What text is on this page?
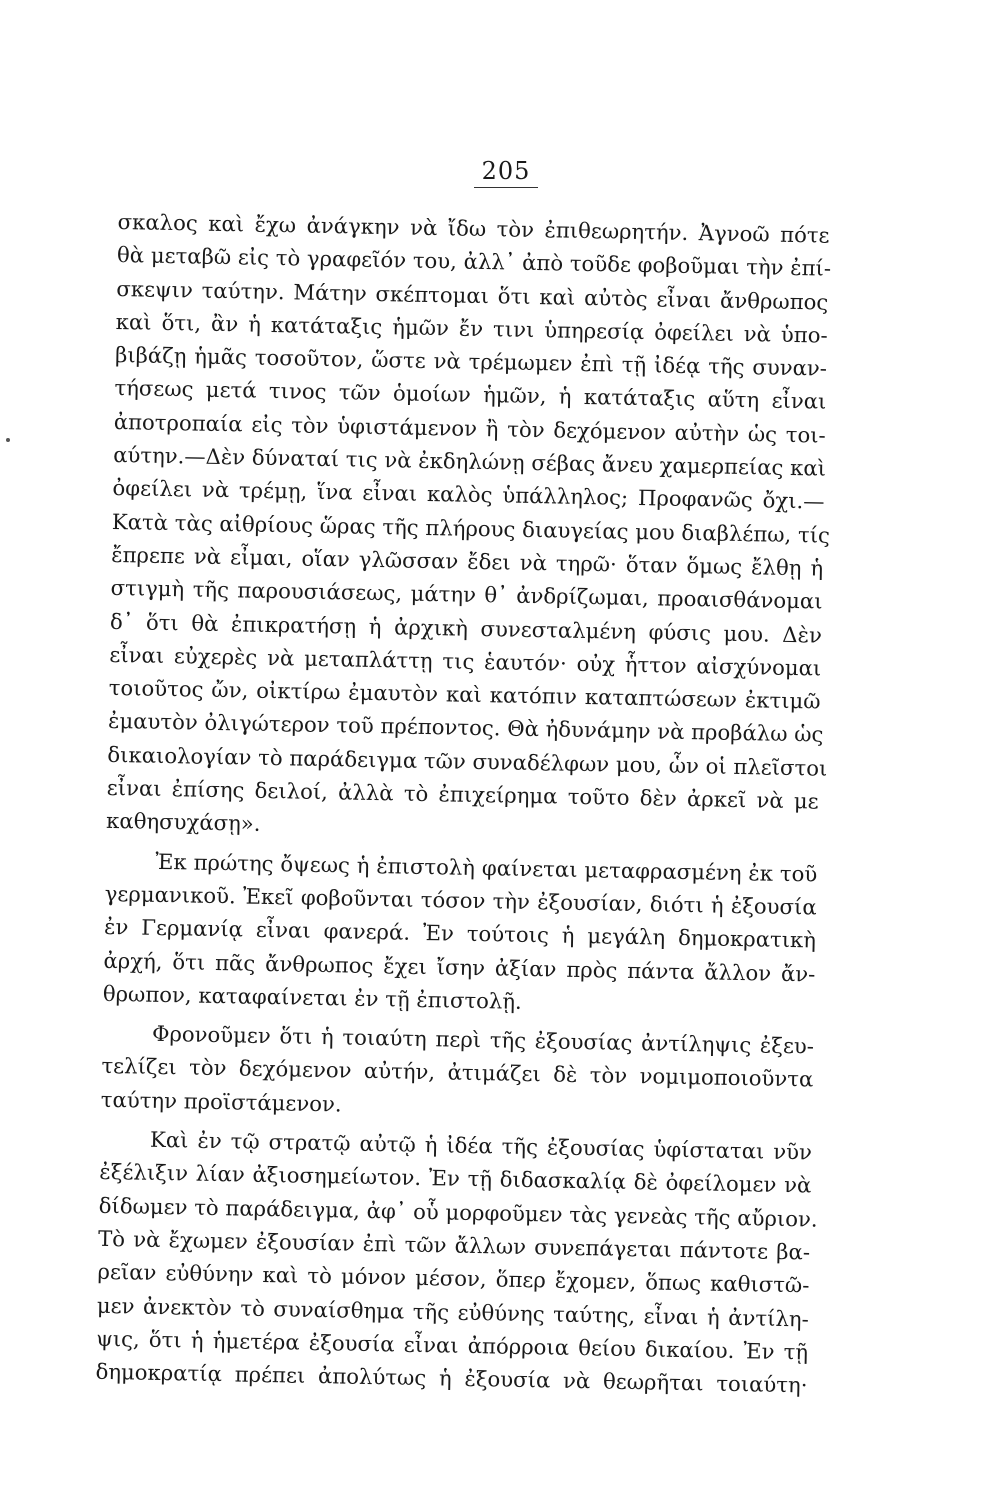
205
σκαλος καὶ ἔχω ἀνάγκην νὰ ἴδω τὸν ἐπιθεωρητήν. Ἀγνοῶ πότε
θὰ μεταβῶ εἰς τὸ γραφεῖόν του, ἀλλ᾽ ἀπὸ τοῦδε φοβοῦμαι τὴν ἐπί-
σκεψιν ταύτην. Μάτην σκέπτομαι ὅτι καὶ αὐτὸς εἶναι ἄνθρωπος
καὶ ὅτι, ἂν ἡ κατάταξις ἡμῶν ἔν τινι ὑπηρεσίᾳ ὀφείλει νὰ ὑπο-
βιβάζῃ ἡμᾶς τοσοῦτον, ὥστε νὰ τρέμωμεν ἐπὶ τῇ ἰδέᾳ τῆς συναν-
τήσεως μετά τινος τῶν ὁμοίων ἡμῶν, ἡ κατάταξις αὕτη εἶναι
ἀποτροπαία εἰς τὸν ὑφιστάμενον ἢ τὸν δεχόμενον αὐτὴν ὡς τοι-
αύτην.—Δὲν δύναταί τις νὰ ἐκδηλώνῃ σέβας ἄνευ χαμερπείας καὶ
ὀφείλει νὰ τρέμῃ, ἵνα εἶναι καλὸς ὑπάλληλος; Προφανῶς ὄχι.—
Κατὰ τὰς αἰθρίους ὥρας τῆς πλήρους διαυγείας μου διαβλέπω, τίς
ἔπρεπε νὰ εἶμαι, οἵαν γλῶσσαν ἔδει νὰ τηρῶ· ὅταν ὅμως ἔλθῃ ἡ
στιγμὴ τῆς παρουσιάσεως, μάτην θ᾽ ἀνδρίζωμαι, προαισθάνομαι
δ᾽ ὅτι θὰ ἐπικρατήσῃ ἡ ἀρχικὴ συνεσταλμένη φύσις μου. Δὲν
εἶναι εὐχερὲς νὰ μεταπλάττῃ τις ἑαυτόν· οὐχ ἧττον αἰσχύνομαι
τοιοῦτος ὤν, οἰκτίρω ἐμαυτὸν καὶ κατόπιν καταπτώσεων ἐκτιμῶ
ἐμαυτὸν ὀλιγώτερον τοῦ πρέποντος. Θὰ ἠδυνάμην νὰ προβάλω ὡς
δικαιολογίαν τὸ παράδειγμα τῶν συναδέλφων μου, ὧν οἱ πλεῖστοι
εἶναι ἐπίσης δειλοί, ἀλλὰ τὸ ἐπιχείρημα τοῦτο δὲν ἀρκεῖ νὰ με
καθησυχάσῃ».
Ἐκ πρώτης ὄψεως ἡ ἐπιστολὴ φαίνεται μεταφρασμένη ἐκ τοῦ
γερμανικοῦ. Ἐκεῖ φοβοῦνται τόσον τὴν ἐξουσίαν, διότι ἡ ἐξουσία
ἐν Γερμανίᾳ εἶναι φανερά. Ἐν τούτοις ἡ μεγάλη δημοκρατικὴ
ἀρχή, ὅτι πᾶς ἄνθρωπος ἔχει ἴσην ἀξίαν πρὸς πάντα ἄλλον ἄν-
θρωπον, καταφαίνεται ἐν τῇ ἐπιστολῇ.
Φρονοῦμεν ὅτι ἡ τοιαύτη περὶ τῆς ἐξουσίας ἀντίληψις ἐξευ-
τελίζει τὸν δεχόμενον αὐτήν, ἀτιμάζει δὲ τὸν νομιμοποιοῦντα
ταύτην προϊστάμενον.
Καὶ ἐν τῷ στρατῷ αὐτῷ ἡ ἰδέα τῆς ἐξουσίας ὑφίσταται νῦν
ἐξέλιξιν λίαν ἀξιοσημείωτον. Ἐν τῇ διδασκαλίᾳ δὲ ὀφείλομεν νὰ
δίδωμεν τὸ παράδειγμα, ἀφ᾽ οὗ μορφοῦμεν τὰς γενεὰς τῆς αὔριον.
Τὸ νὰ ἔχωμεν ἐξουσίαν ἐπὶ τῶν ἄλλων συνεπάγεται πάντοτε βα-
ρεῖαν εὐθύνην καὶ τὸ μόνον μέσον, ὅπερ ἔχομεν, ὅπως καθιστῶ-
μεν ἀνεκτὸν τὸ συναίσθημα τῆς εὐθύνης ταύτης, εἶναι ἡ ἀντίλη-
ψις, ὅτι ἡ ἡμετέρα ἐξουσία εἶναι ἀπόρροια θείου δικαίου. Ἐν τῇ
δημοκρατίᾳ πρέπει ἀπολύτως ἡ ἐξουσία νὰ θεωρῆται τοιαύτη·
